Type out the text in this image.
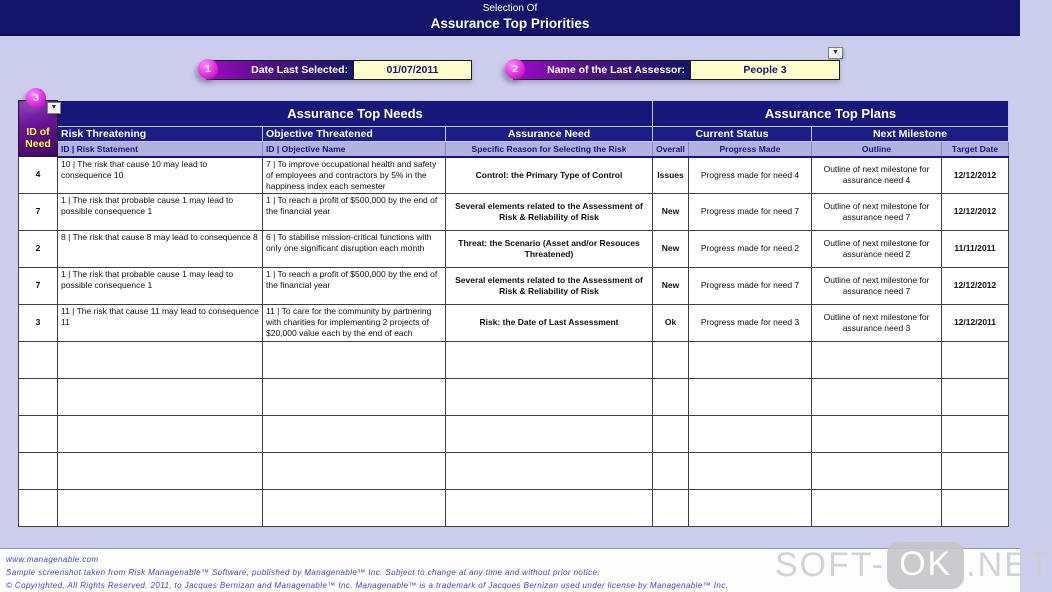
Selection Of
Assurance Top Priorities
1	2
3
Date Last Selected:	01/07/2011	Name of the Last Assessor:	People 3
▼
▼
ID of Need	Assurance Top Needs			Assurance Top Plans			
	Risk Threatening	Objective Threatened	Assurance Need	Current Status		Next Milestone	
	ID | Risk Statement	ID | Objective Name	Specific Reason for Selecting the Risk	Overall	Progress Made	Outline	Target Date
4	10 | The risk that cause 10 may lead to consequence 10	7 | To improve occupational health and safety of employees and contractors by 5% in the happiness index each semester	Control: the Primary Type of Control	Issues	Progress made for need 4	Outline of next milestone for assurance need 4	12/12/2012
7	1 | The risk that probable cause 1 may lead to possible consequence 1	1 | To reach a profit of $500,000 by the end of the financial year	Several elements related to the Assessment of Risk & Reliability of Risk	New	Progress made for need 7	Outline of next milestone for assurance need 7	12/12/2012
2	8 | The risk that cause 8 may lead to consequence 8	6 | To stabilise mission-critical functions with only one significant disruption each month	Threat: the Scenario (Asset and/or Resouces Threatened)	New	Progress made for need 2	Outline of next milestone for assurance need 2	11/11/2011
7	1 | The risk that probable cause 1 may lead to possible consequence 1	1 | To reach a profit of $500,000 by the end of the financial year	Several elements related to the Assessment of Risk & Reliability of Risk	New	Progress made for need 7	Outline of next milestone for assurance need 7	12/12/2012
3	11 | The risk that cause 11 may lead to consequence 11	11 | To care for the community by partnering with charities for implementing 2 projects of $20,000 value each by the end of each	Risk: the Date of Last Assessment	Ok	Progress made for need 3	Outline of next milestone for assurance need 3	12/12/2011

www.managenable.com

Sample screenshot taken from Risk Managenable™ Software, published by Managenable™ Inc. Subject to change at any time and without prior notice.

© Copyrighted, All Rights Reserved, 2011, to Jacques Bernizan and Managenable™ Inc. Managenable™ is a trademark of Jacques Bernizan used under license by Managenable™ Inc.

SOFT- OK .NET
